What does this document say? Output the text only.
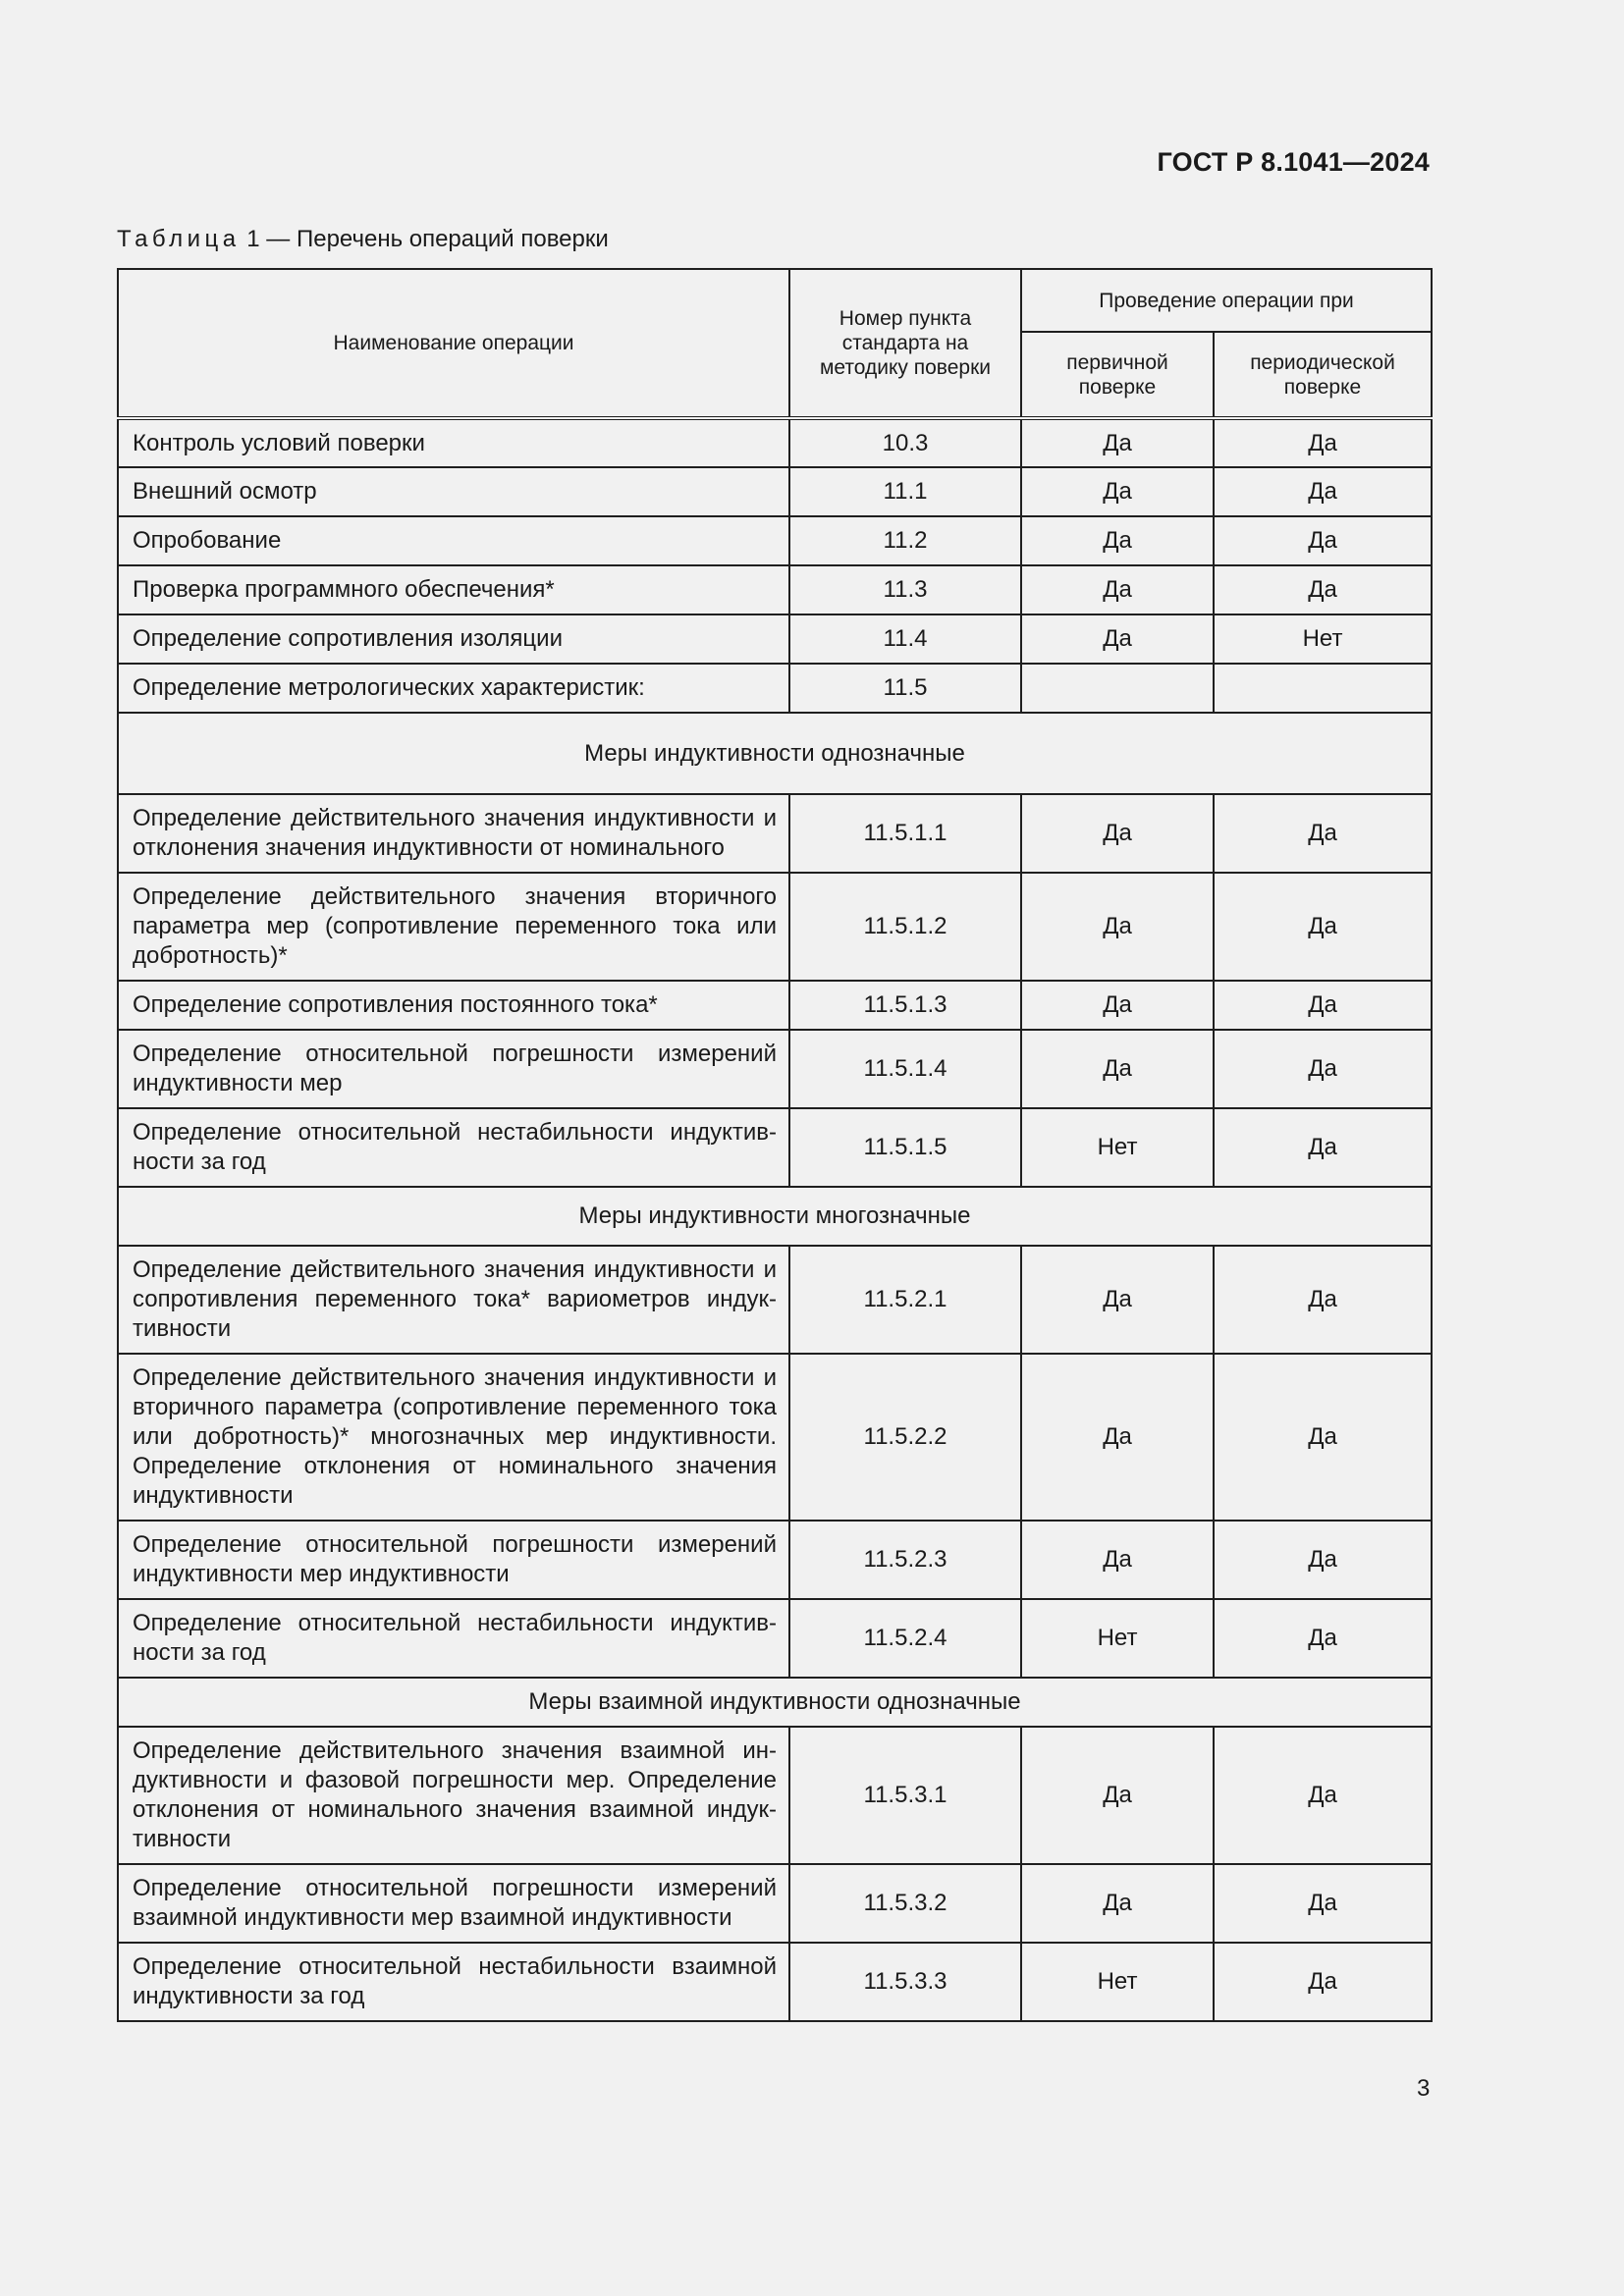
ГОСТ Р 8.1041—2024
Таблица 1 — Перечень операций поверки
Наименование операции	Номер пункта стандарта на методику поверки	Проведение операции при	
		первичной поверке	периодической поверке
Контроль условий поверки	10.3	Да	Да
Внешний осмотр	11.1	Да	Да
Опробование	11.2	Да	Да
Проверка программного обеспечения*	11.3	Да	Да
Определение сопротивления изоляции	11.4	Да	Нет
Определение метрологических характеристик:	11.5		
Меры индуктивности однозначные			
Определение действительного значения индуктивности и отклонения значения индуктивности от номинального	11.5.1.1	Да	Да
Определение действительного значения вторичного параметра мер (сопротивление переменного тока или добротность)*	11.5.1.2	Да	Да
Определение сопротивления постоянного тока*	11.5.1.3	Да	Да
Определение относительной погрешности измерений индуктивности мер	11.5.1.4	Да	Да
Определение относительной нестабильности индуктивности за год	11.5.1.5	Нет	Да
Меры индуктивности многозначные			
Определение действительного значения индуктивности и сопротивления переменного тока* вариометров индуктивности	11.5.2.1	Да	Да
Определение действительного значения индуктивности и вторичного параметра (сопротивление переменного тока или добротность)* многозначных мер индуктивности. Определение отклонения от номинального значения индуктивности	11.5.2.2	Да	Да
Определение относительной погрешности измерений индуктивности мер индуктивности	11.5.2.3	Да	Да
Определение относительной нестабильности индуктивности за год	11.5.2.4	Нет	Да
Меры взаимной индуктивности однозначные			
Определение действительного значения взаимной индуктивности и фазовой погрешности мер. Определение отклонения от номинального значения взаимной индуктивности	11.5.3.1	Да	Да
Определение относительной погрешности измерений взаимной индуктивности мер взаимной индуктивности	11.5.3.2	Да	Да
Определение относительной нестабильности взаимной индуктивности за год	11.5.3.3	Нет	Да
3
